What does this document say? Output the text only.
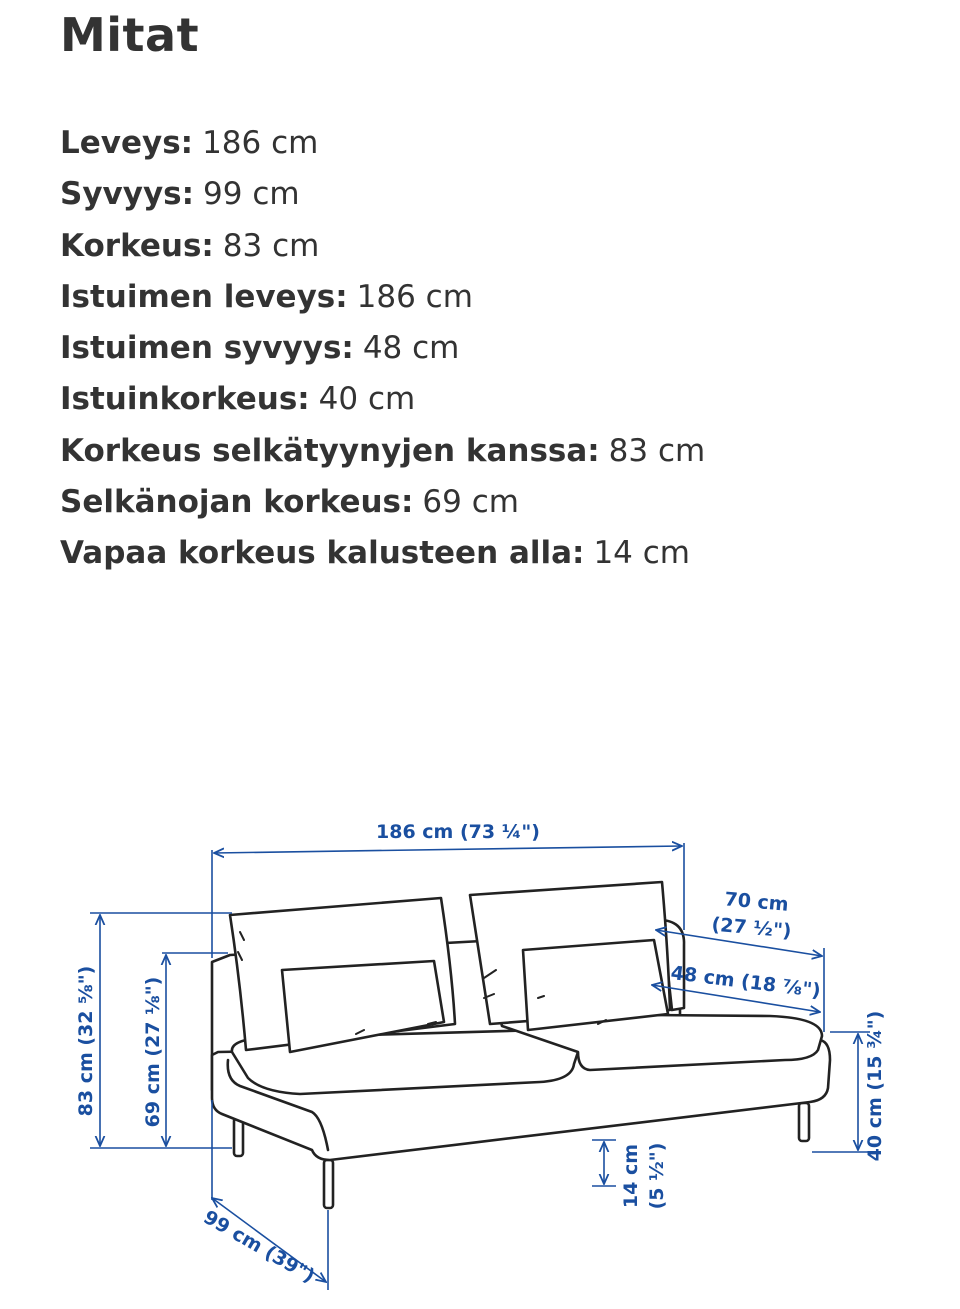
Mitat
Leveys: 186 cm
Syvyys: 99 cm
Korkeus: 83 cm
Istuimen leveys: 186 cm
Istuimen syvyys: 48 cm
Istuinkorkeus: 40 cm
Korkeus selkätyynyjen kanssa: 83 cm
Selkänojan korkeus: 69 cm
Vapaa korkeus kalusteen alla: 14 cm
186 cm (73 ¼")
70 cm
(27 ½")
48 cm (18 ⅞")
83 cm (32 ⅝") 69 cm (27 ⅛")	40 cm (15 ¾")
14 cm (5 ½")
99 cm (39")
